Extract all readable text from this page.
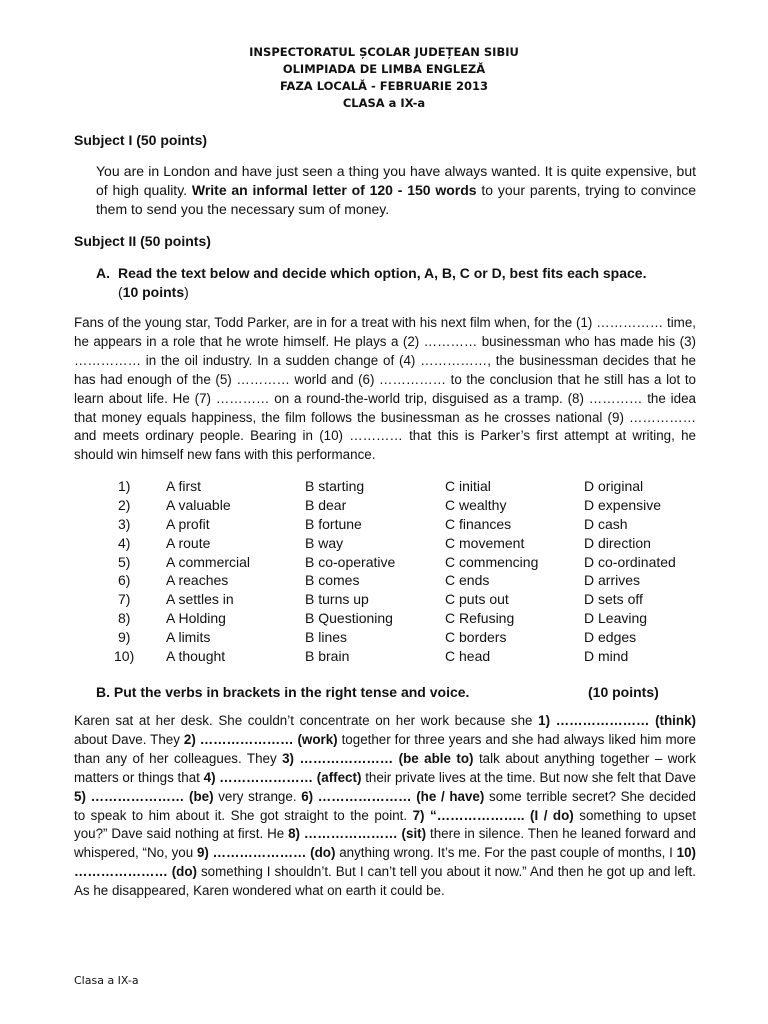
INSPECTORATUL ȘCOLAR JUDEȚEAN SIBIU
OLIMPIADA DE LIMBA ENGLEZĂ
FAZA LOCALĂ - FEBRUARIE 2013
CLASA a IX-a
Subject I (50 points)

You are in London and have just seen a thing you have always wanted. It is quite expensive, but of high quality. Write an informal letter of 120 - 150 words to your parents, trying to convince them to send you the necessary sum of money.

Subject II (50 points)
A. Read the text below and decide which option, A, B, C or D, best fits each space.
(10 points)

Fans of the young star, Todd Parker, are in for a treat with his next film when, for the (1) …………… time, he appears in a role that he wrote himself. He plays a (2) ………… businessman who has made his (3) …………… in the oil industry. In a sudden change of (4) ……………, the businessman decides that he has had enough of the (5) ………… world and (6) …………… to the conclusion that he still has a lot to learn about life. He (7) ………… on a round-the-world trip, disguised as a tramp. (8) ………… the idea that money equals happiness, the film follows the businessman as he crosses national (9) …………… and meets ordinary people. Bearing in (10) ………… that this is Parker’s first attempt at writing, he should win himself new fans with this performance.

1)	A first	B starting	C initial	D original
2)	A valuable	B dear	C wealthy	D expensive
3)	A profit	B fortune	C finances	D cash
4)	A route	B way	C movement	D direction
5)	A commercial	B co-operative	C commencing	D co-ordinated
6)	A reaches	B comes	C ends	D arrives
7)	A settles in	B turns up	C puts out	D sets off
8)	A Holding	B Questioning	C Refusing	D Leaving
9)	A limits	B lines	C borders	D edges
10) A thought	B brain	C head	D mind
B. Put the verbs in brackets in the right tense and voice.	(10 points)

Karen sat at her desk. She couldn’t concentrate on her work because she 1) ………………… (think) about Dave. They 2) ………………… (work) together for three years and she had always liked him more than any of her colleagues. They 3) ………………… (be able to) talk about anything together – work matters or things that 4) ………………… (affect) their private lives at the time. But now she felt that Dave 5) ………………… (be) very strange. 6) ………………… (he / have) some terrible secret? She decided to speak to him about it. She got straight to the point. 7) “……………….. (I / do) something to upset you?” Dave said nothing at first. He 8) ………………… (sit) there in silence. Then he leaned forward and whispered, “No, you 9) ………………… (do) anything wrong. It’s me. For the past couple of months, I 10) ………………… (do) something I shouldn’t. But I can’t tell you about it now.” And then he got up and left. As he disappeared, Karen wondered what on earth it could be.

Clasa a IX-a
